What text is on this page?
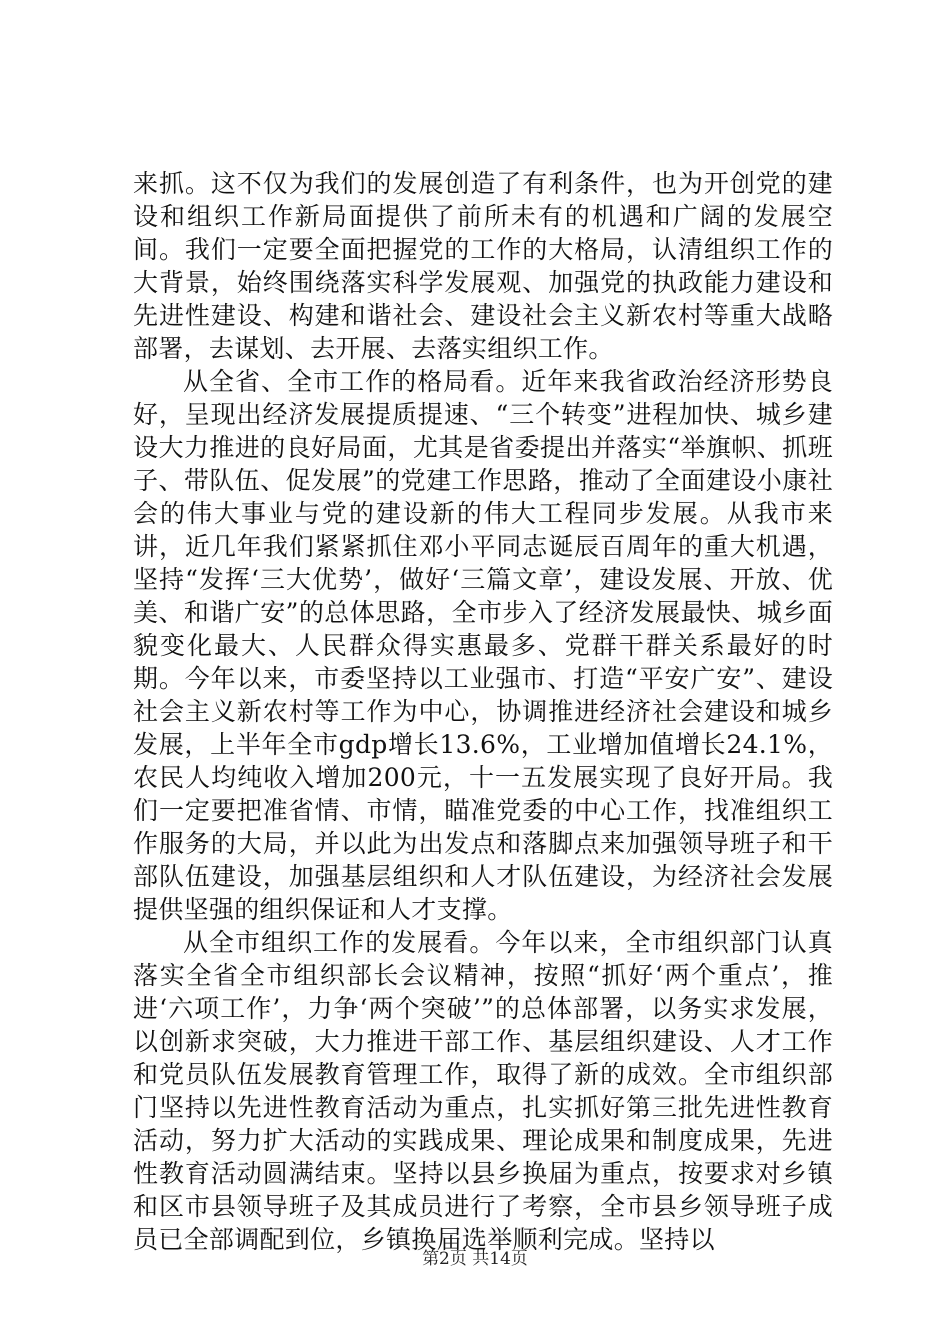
来抓。这不仅为我们的发展创造了有利条件，也为开创党的建设和组织工作新局面提供了前所未有的机遇和广阔的发展空间。我们一定要全面把握党的工作的大格局，认清组织工作的大背景，始终围绕落实科学发展观、加强党的执政能力建设和先进性建设、构建和谐社会、建设社会主义新农村等重大战略部署，去谋划、去开展、去落实组织工作。

从全省、全市工作的格局看。近年来我省政治经济形势良好，呈现出经济发展提质提速、“三个转变”进程加快、城乡建设大力推进的良好局面，尤其是省委提出并落实“举旗帜、抓班子、带队伍、促发展”的党建工作思路，推动了全面建设小康社会的伟大事业与党的建设新的伟大工程同步发展。从我市来讲，近几年我们紧紧抓住邓小平同志诞辰百周年的重大机遇，坚持“发挥‘三大优势’，做好‘三篇文章’，建设发展、开放、优美、和谐广安”的总体思路，全市步入了经济发展最快、城乡面貌变化最大、人民群众得实惠最多、党群干群关系最好的时期。今年以来，市委坚持以工业强市、打造“平安广安”、建设社会主义新农村等工作为中心，协调推进经济社会建设和城乡发展，上半年全市gdp增长13.6%，工业增加值增长24.1%，农民人均纯收入增加200元，十一五发展实现了良好开局。我们一定要把准省情、市情，瞄准党委的中心工作，找准组织工作服务的大局，并以此为出发点和落脚点来加强领导班子和干部队伍建设，加强基层组织和人才队伍建设，为经济社会发展提供坚强的组织保证和人才支撑。

从全市组织工作的发展看。今年以来，全市组织部门认真落实全省全市组织部长会议精神，按照“抓好‘两个重点’，推进‘六项工作’，力争‘两个突破’”的总体部署，以务实求发展，以创新求突破，大力推进干部工作、基层组织建设、人才工作和党员队伍发展教育管理工作，取得了新的成效。全市组织部门坚持以先进性教育活动为重点，扎实抓好第三批先进性教育活动，努力扩大活动的实践成果、理论成果和制度成果，先进性教育活动圆满结束。坚持以县乡换届为重点，按要求对乡镇和区市县领导班子及其成员进行了考察，全市县乡领导班子成员已全部调配到位，乡镇换届选举顺利完成。坚持以

第2页 共14页
